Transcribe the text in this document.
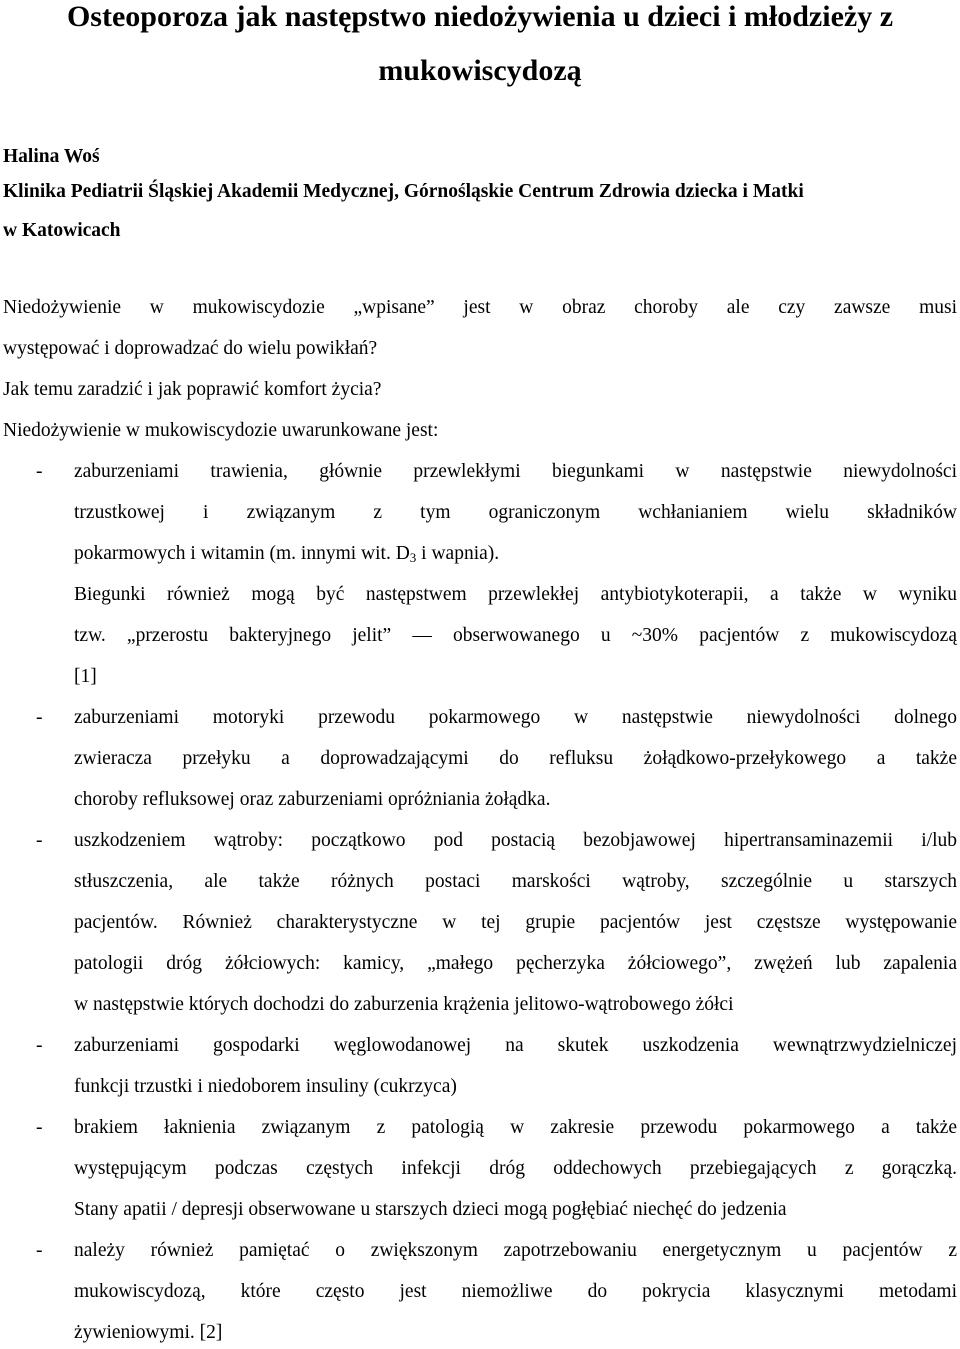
Osteoporoza jak następstwo niedożywienia u dzieci i młodzieży z
mukowiscydozą
Halina Woś
Klinika Pediatrii Śląskiej Akademii Medycznej, Górnośląskie Centrum Zdrowia dziecka i Matki
w Katowicach
Niedożywienie w mukowiscydozie „wpisane” jest w obraz choroby ale czy zawsze musi
występować i doprowadzać do wielu powikłań?
Jak temu zaradzić i jak poprawić komfort życia?
Niedożywienie w mukowiscydozie uwarunkowane jest:
- zaburzeniami trawienia, głównie przewlekłymi biegunkami w następstwie niewydolności
trzustkowej i związanym z tym ograniczonym wchłanianiem wielu składników
pokarmowych i witamin (m. innymi wit. $D_3$ i wapnia).
Biegunki również mogą być następstwem przewlekłej antybiotykoterapii, a także w wyniku
tzw. „przerostu bakteryjnego jelit” — obserwowanego u ~30% pacjentów z mukowiscydozą
[1]
- zaburzeniami motoryki przewodu pokarmowego w następstwie niewydolności dolnego
zwieracza przełyku a doprowadzającymi do refluksu żołądkowo-przełykowego a także
choroby refluksowej oraz zaburzeniami opróżniania żołądka.
- uszkodzeniem wątroby: początkowo pod postacią bezobjawowej hipertransaminazemii i/lub
stłuszczenia, ale także różnych postaci marskości wątroby, szczególnie u starszych
pacjentów. Również charakterystyczne w tej grupie pacjentów jest częstsze występowanie
patologii dróg żółciowych: kamicy, „małego pęcherzyka żółciowego”, zwężeń lub zapalenia
w następstwie których dochodzi do zaburzenia krążenia jelitowo-wątrobowego żółci
- zaburzeniami gospodarki węglowodanowej na skutek uszkodzenia wewnątrzwydzielniczej
funkcji trzustki i niedoborem insuliny (cukrzyca)
- brakiem łaknienia związanym z patologią w zakresie przewodu pokarmowego a także
występującym podczas częstych infekcji dróg oddechowych przebiegających z gorączką.
Stany apatii / depresji obserwowane u starszych dzieci mogą pogłębiać niechęć do jedzenia
- należy również pamiętać o zwiększonym zapotrzebowaniu energetycznym u pacjentów z
mukowiscydozą, które często jest niemożliwe do pokrycia klasycznymi metodami
żywieniowymi. [2]
